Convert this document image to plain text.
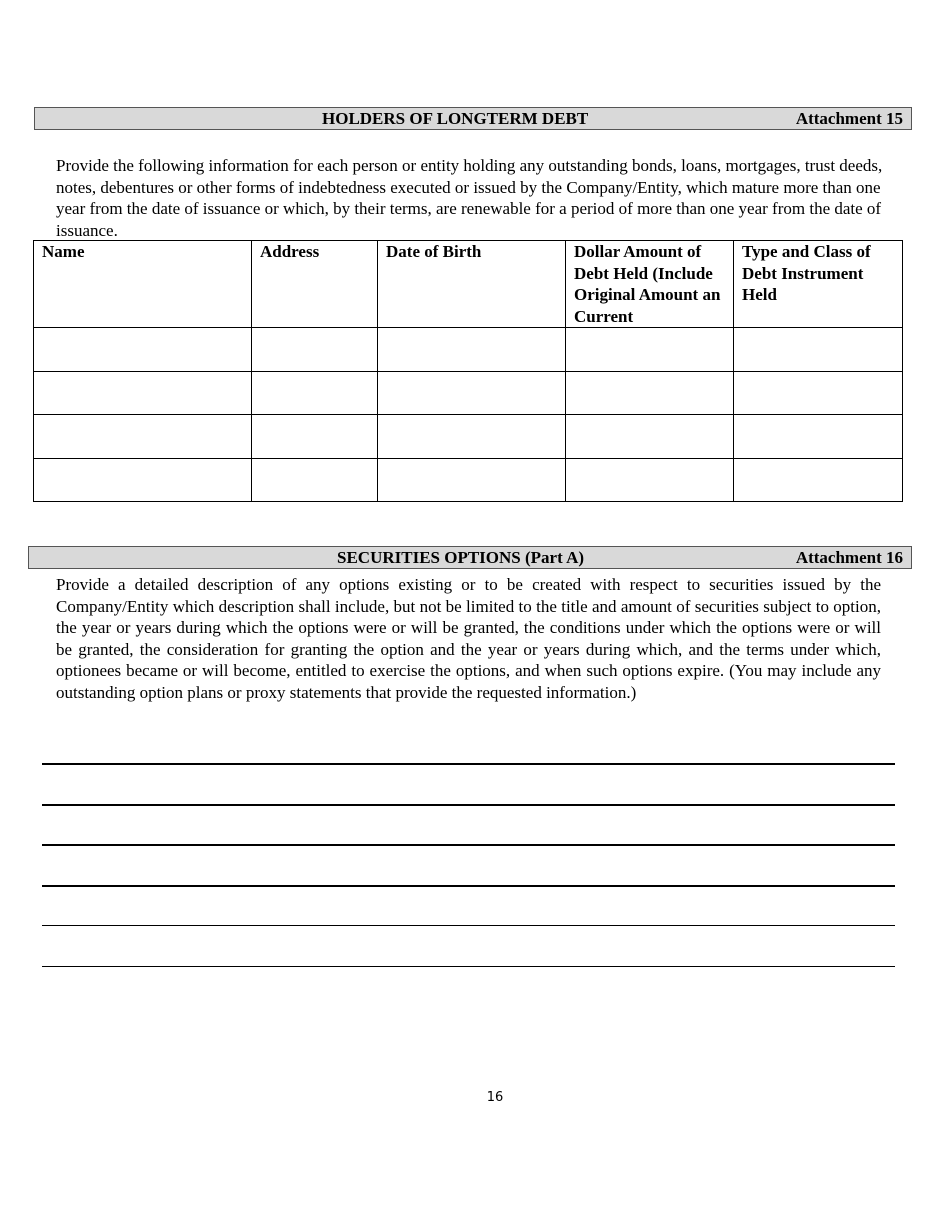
HOLDERS OF LONGTERM DEBT	Attachment 15
Provide the following information for each person or entity holding any outstanding bonds, loans, mortgages, trust deeds, notes, debentures or other forms of indebtedness executed or issued by the Company/Entity, which mature more than one year from the date of issuance or which, by their terms, are renewable for a period of more than one year from the date of issuance.
Name	Address	Date of Birth	Dollar Amount of Debt Held (Include Original Amount an Current	Type and Class of Debt Instrument Held

SECURITIES OPTIONS (Part A)	Attachment 16
Provide a detailed description of any options existing or to be created with respect to securities issued by the Company/Entity which description shall include, but not be limited to the title and amount of securities subject to option, the year or years during which the options were or will be granted, the conditions under which the options were or will be granted, the consideration for granting the option and the year or years during which, and the terms under which, optionees became or will become, entitled to exercise the options, and when such options expire. (You may include any outstanding option plans or proxy statements that provide the requested information.)
16
